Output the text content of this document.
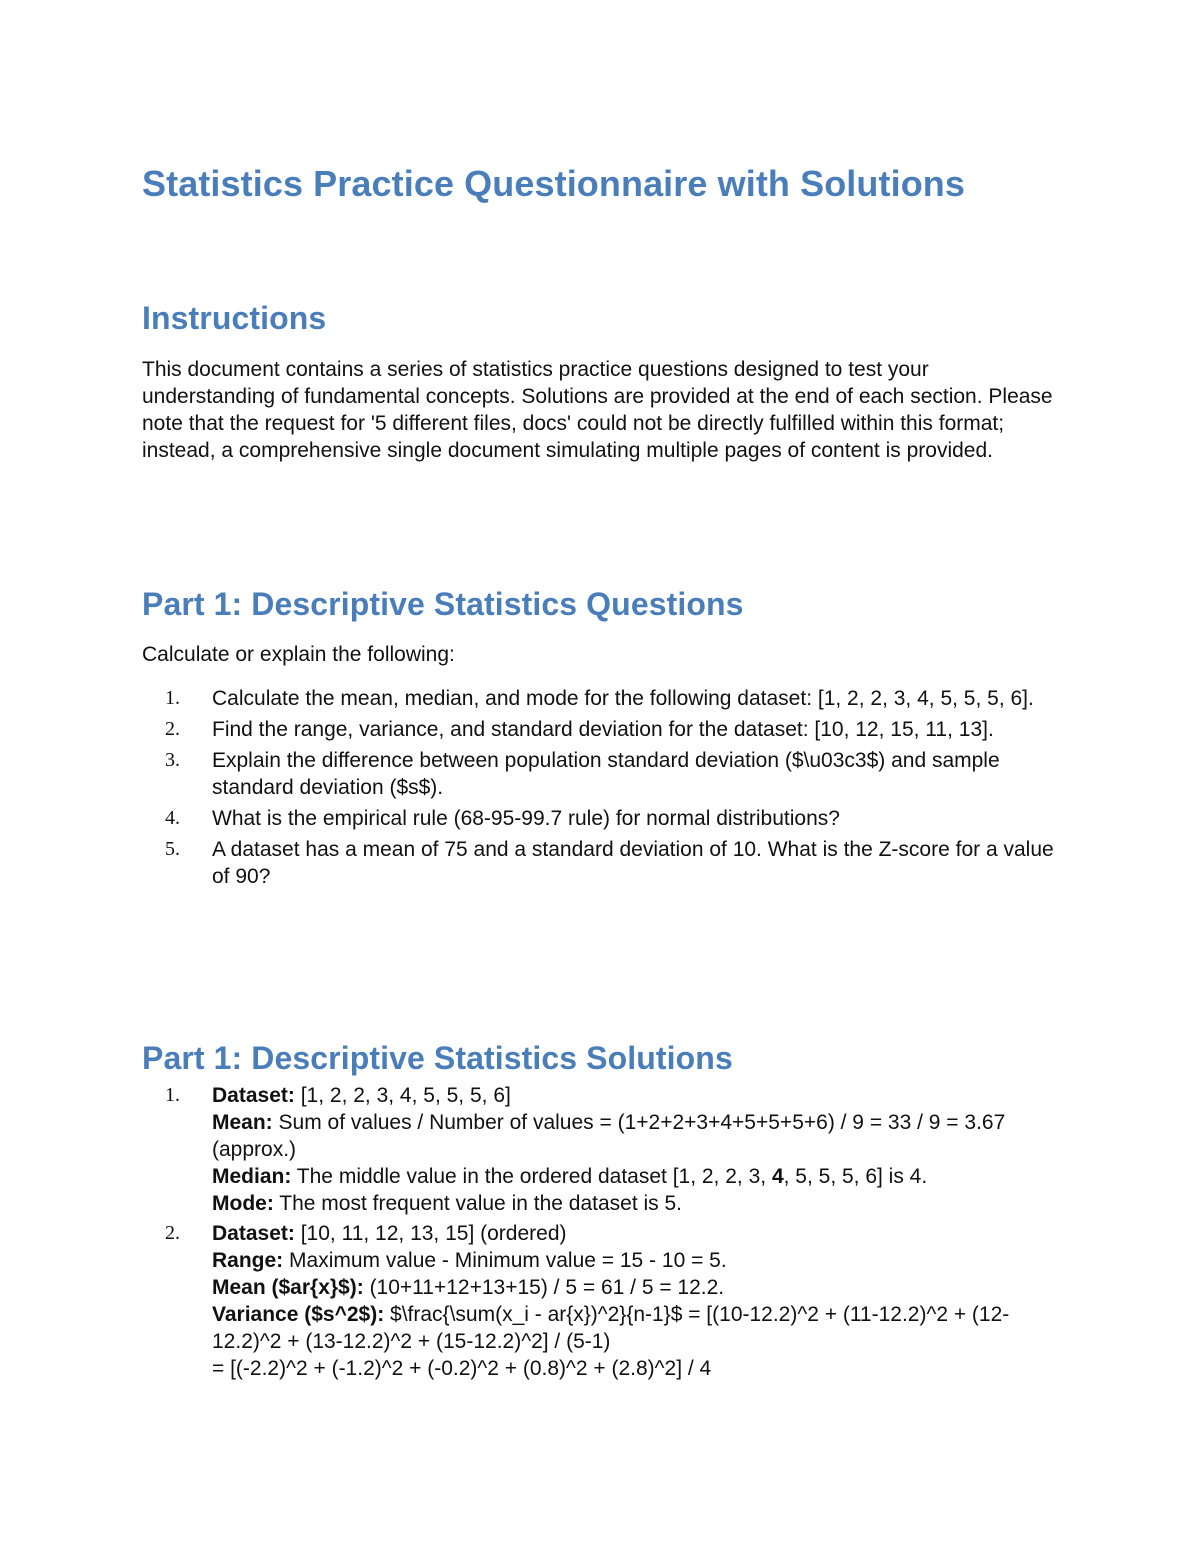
Statistics Practice Questionnaire with Solutions
Instructions

This document contains a series of statistics practice questions designed to test your understanding of fundamental concepts. Solutions are provided at the end of each section. Please note that the request for '5 different files, docs' could not be directly fulfilled within this format; instead, a comprehensive single document simulating multiple pages of content is provided.

Part 1: Descriptive Statistics Questions

Calculate or explain the following:

1. Calculate the mean, median, and mode for the following dataset: [1, 2, 2, 3, 4, 5, 5, 5, 6].
2. Find the range, variance, and standard deviation for the dataset: [10, 12, 15, 11, 13].
3. Explain the difference between population standard deviation ($\u03c3$) and sample standard deviation ($s$).
4. What is the empirical rule (68-95-99.7 rule) for normal distributions?
5. A dataset has a mean of 75 and a standard deviation of 10. What is the Z-score for a value of 90?
Part 1: Descriptive Statistics Solutions
1. Dataset: [1, 2, 2, 3, 4, 5, 5, 5, 6]
Mean: Sum of values / Number of values = (1+2+2+3+4+5+5+5+6) / 9 = 33 / 9 = 3.67 (approx.)
Median: The middle value in the ordered dataset [1, 2, 2, 3, 4, 5, 5, 5, 6] is 4.
Mode: The most frequent value in the dataset is 5.
2. Dataset: [10, 11, 12, 13, 15] (ordered)
Range: Maximum value - Minimum value = 15 - 10 = 5.
Mean ($ar{x}$): (10+11+12+13+15) / 5 = 61 / 5 = 12.2.
Variance ($s^2$): $\frac{\sum(x_i - ar{x})^2}{n-1}$ = [(10-12.2)^2 + (11-12.2)^2 + (12-12.2)^2 + (13-12.2)^2 + (15-12.2)^2] / (5-1)
= [(-2.2)^2 + (-1.2)^2 + (-0.2)^2 + (0.8)^2 + (2.8)^2] / 4
